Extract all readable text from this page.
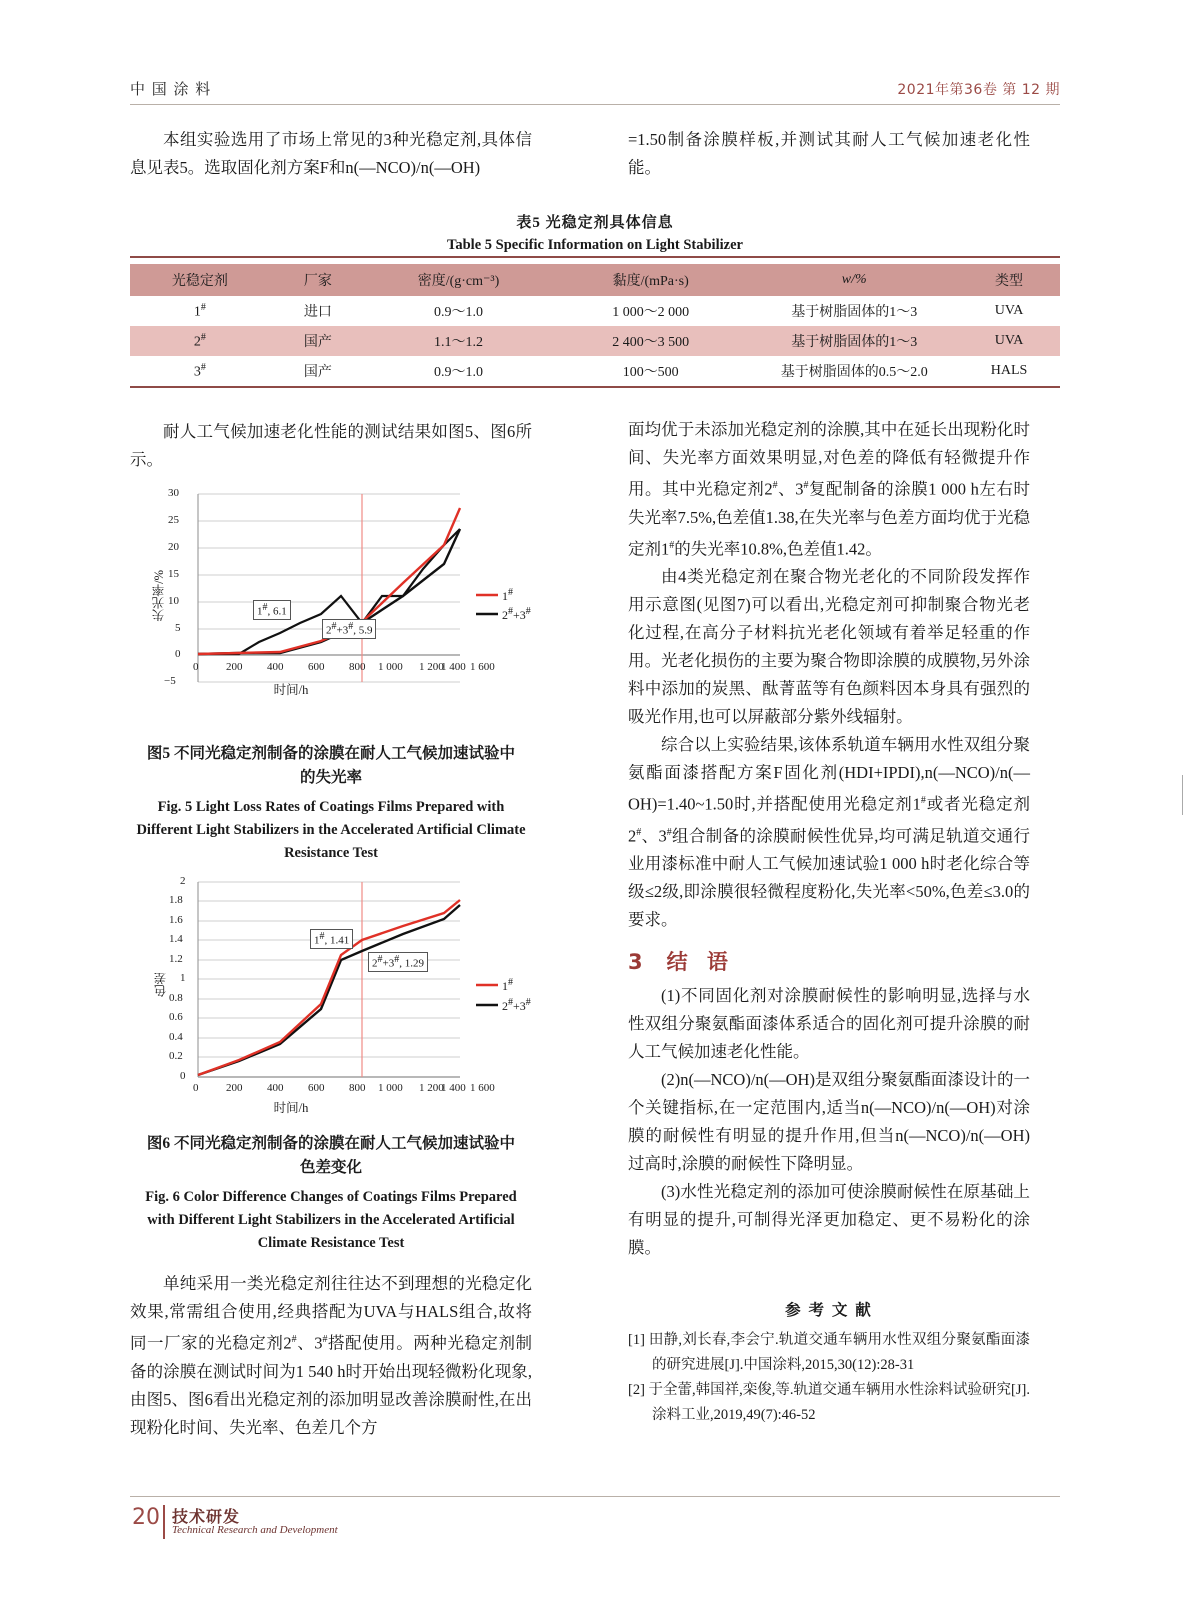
中 国 涂 料	2021年第36卷 第 12 期

本组实验选用了市场上常见的3种光稳定剂,具体信息见表5。选取固化剂方案F和n(—NCO)/n(—OH)

=1.50制备涂膜样板,并测试其耐人工气候加速老化性能。

表5 光稳定剂具体信息
Table 5 Specific Information on Light Stabilizer
光稳定剂	厂家	密度/(g·cm⁻³)	黏度/(mPa·s)	w/%	类型
1#	进口	0.9～1.0	1 000～2 000	基于树脂固体的1～3	UVA
2#	国产	1.1～1.2	2 400～3 500	基于树脂固体的1～3	UVA
3#	国产	0.9～1.0	100～500	基于树脂固体的0.5～2.0	HALS

耐人工气候加速老化性能的测试结果如图5、图6所示。

失光率/%
30
25
20
15
10
5
0
−5
0	200 400 600 800 1 000 1 200
1 400 1 600
1#, 6.1
2#+3#, 5.9
1#
2#+3#
时间/h
图5 不同光稳定剂制备的涂膜在耐人工气候加速试验中
的失光率
Fig. 5 Light Loss Rates of Coatings Films Prepared with Different Light Stabilizers in the Accelerated Artificial Climate Resistance Test
色差
2
1.8
1.6
1.4
1.2
1
0.8
0.6
0.4
0.2
0
0	200 400 600 800 1 000 1 200
1 400 1 600
1#, 1.41
2#+3#, 1.29
1#
2#+3#
时间/h
图6 不同光稳定剂制备的涂膜在耐人工气候加速试验中
色差变化
Fig. 6 Color Difference Changes of Coatings Films Prepared with Different Light Stabilizers in the Accelerated Artificial Climate Resistance Test

单纯采用一类光稳定剂往往达不到理想的光稳定化效果,常需组合使用,经典搭配为UVA与HALS组合,故将同一厂家的光稳定剂2#、3#搭配使用。两种光稳定剂制备的涂膜在测试时间为1 540 h时开始出现轻微粉化现象,由图5、图6看出光稳定剂的添加明显改善涂膜耐性,在出现粉化时间、失光率、色差几个方

面均优于未添加光稳定剂的涂膜,其中在延长出现粉化时间、失光率方面效果明显,对色差的降低有轻微提升作用。其中光稳定剂2#、3#复配制备的涂膜1 000 h左右时失光率7.5%,色差值1.38,在失光率与色差方面均优于光稳定剂1#的失光率10.8%,色差值1.42。

由4类光稳定剂在聚合物光老化的不同阶段发挥作用示意图(见图7)可以看出,光稳定剂可抑制聚合物光老化过程,在高分子材料抗光老化领域有着举足轻重的作用。光老化损伤的主要为聚合物即涂膜的成膜物,另外涂料中添加的炭黑、酞菁蓝等有色颜料因本身具有强烈的吸光作用,也可以屏蔽部分紫外线辐射。

综合以上实验结果,该体系轨道车辆用水性双组分聚氨酯面漆搭配方案F固化剂(HDI+IPDI),n(—NCO)/n(—OH)=1.40~1.50时,并搭配使用光稳定剂1#或者光稳定剂2#、3#组合制备的涂膜耐候性优异,均可满足轨道交通行业用漆标准中耐人工气候加速试验1 000 h时老化综合等级≤2级,即涂膜很轻微程度粉化,失光率<50%,色差≤3.0的要求。

3 结 语

(1)不同固化剂对涂膜耐候性的影响明显,选择与水性双组分聚氨酯面漆体系适合的固化剂可提升涂膜的耐人工气候加速老化性能。

(2)n(—NCO)/n(—OH)是双组分聚氨酯面漆设计的一个关键指标,在一定范围内,适当n(—NCO)/n(—OH)对涂膜的耐候性有明显的提升作用,但当n(—NCO)/n(—OH)过高时,涂膜的耐候性下降明显。

(3)水性光稳定剂的添加可使涂膜耐候性在原基础上有明显的提升,可制得光泽更加稳定、更不易粉化的涂膜。

参 考 文 献

[1] 田静,刘长春,李会宁.轨道交通车辆用水性双组分聚氨酯面漆的研究进展[J].中国涂料,2015,30(12):28-31

[2] 于全蕾,韩国祥,栾俊,等.轨道交通车辆用水性涂料试验研究[J].涂料工业,2019,49(7):46-52

20 技术研发
Technical Research and Development
